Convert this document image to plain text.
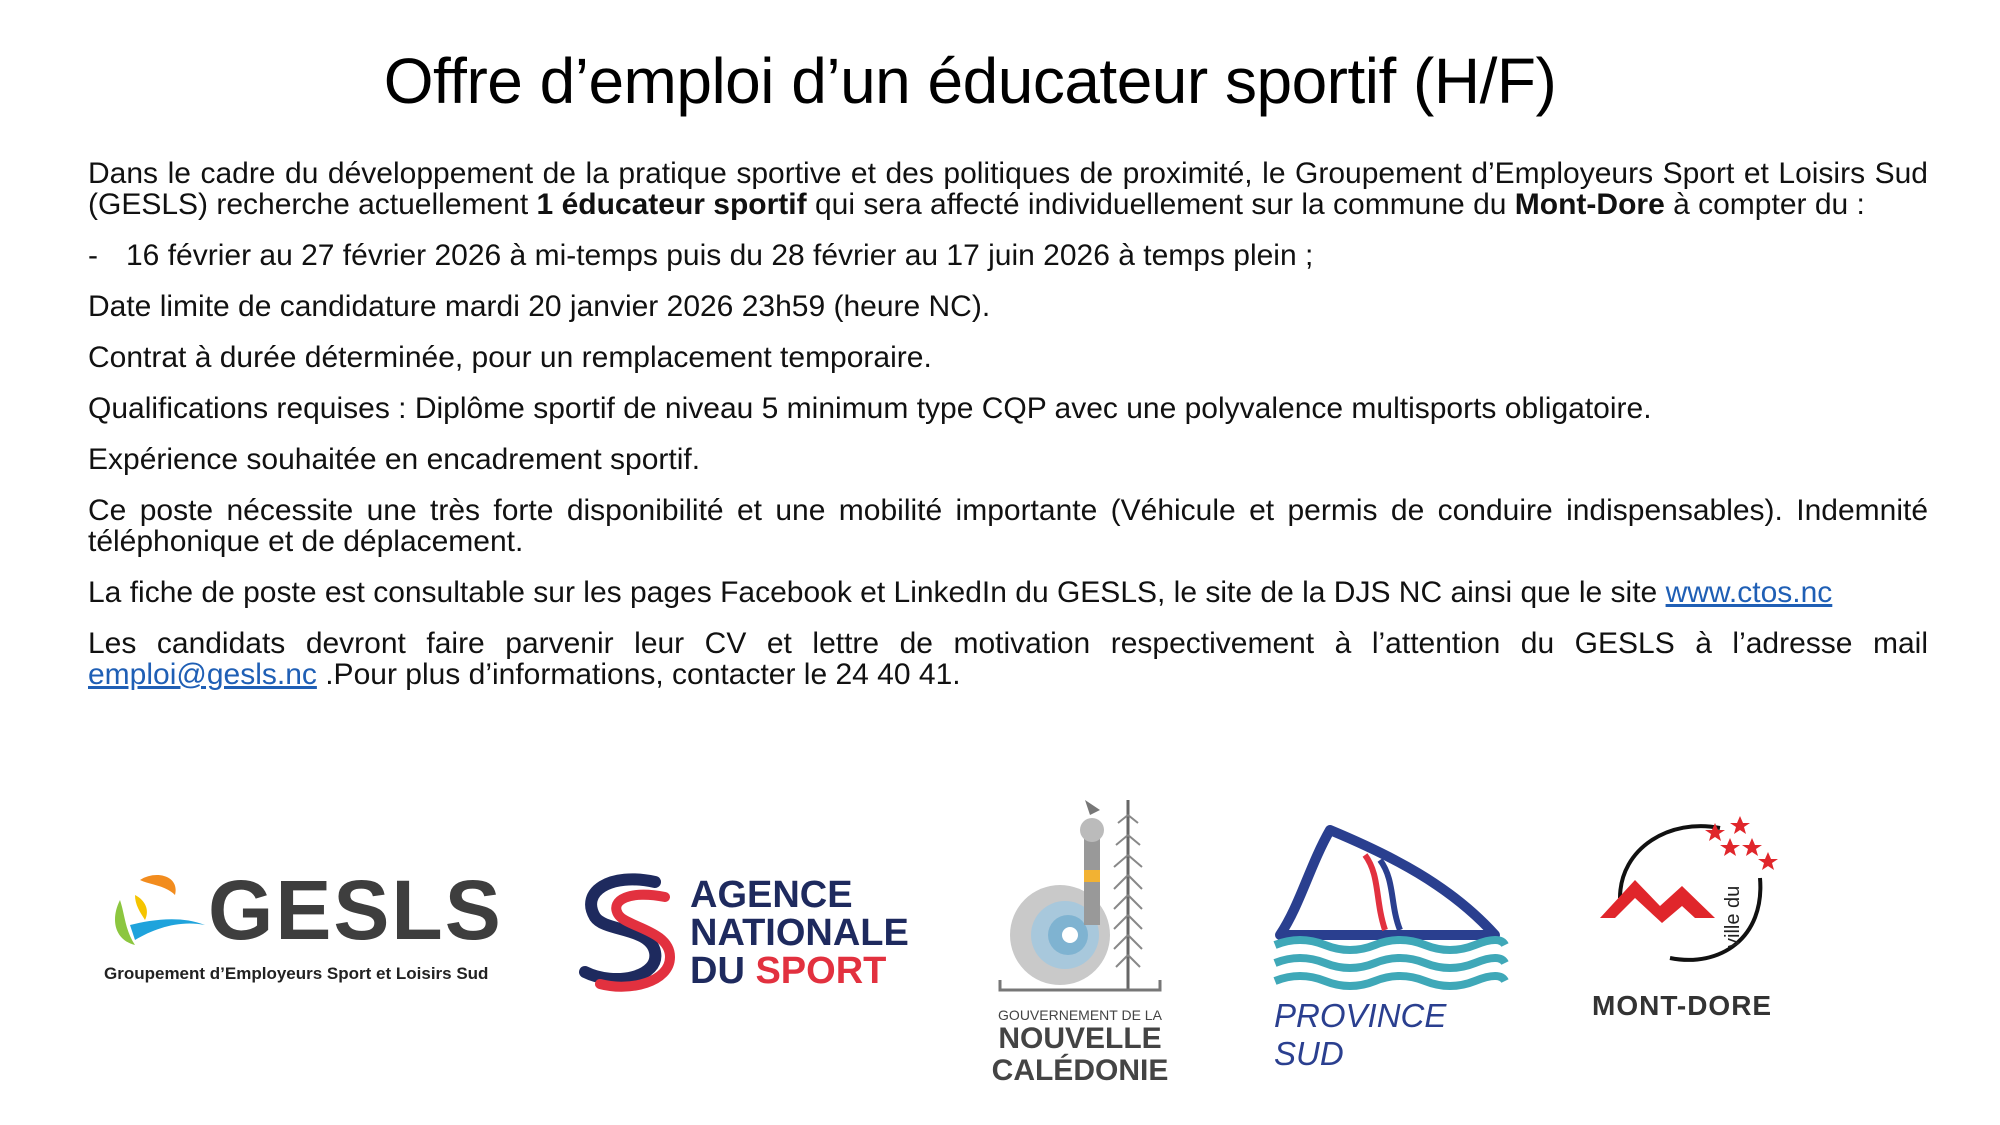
Offre d’emploi d’un éducateur sportif (H/F)

Dans le cadre du développement de la pratique sportive et des politiques de proximité, le Groupement d’Employeurs Sport et Loisirs Sud (GESLS) recherche actuellement 1 éducateur sportif qui sera affecté individuellement sur la commune du Mont-Dore à compter du :

- 16 février au 27 février 2026 à mi-temps puis du 28 février au 17 juin 2026 à temps plein ;

Date limite de candidature mardi 20 janvier 2026 23h59 (heure NC).

Contrat à durée déterminée, pour un remplacement temporaire.

Qualifications requises : Diplôme sportif de niveau 5 minimum type CQP avec une polyvalence multisports obligatoire.

Expérience souhaitée en encadrement sportif.

Ce poste nécessite une très forte disponibilité et une mobilité importante (Véhicule et permis de conduire indispensables). Indemnité téléphonique et de déplacement.

La fiche de poste est consultable sur les pages Facebook et LinkedIn du GESLS, le site de la DJS NC ainsi que le site www.ctos.nc

Les candidats devront faire parvenir leur CV et lettre de motivation respectivement à l’attention du GESLS à l’adresse mail emploi@gesls.nc .Pour plus d’informations, contacter le 24 40 41.

GESLS
Groupement d’Employeurs Sport et Loisirs Sud
AGENCE
NATIONALE
DU SPORT
GOUVERNEMENT DE LA
NOUVELLE
CALÉDONIE
PROVINCE SUD
ville du
MONT-DORE
